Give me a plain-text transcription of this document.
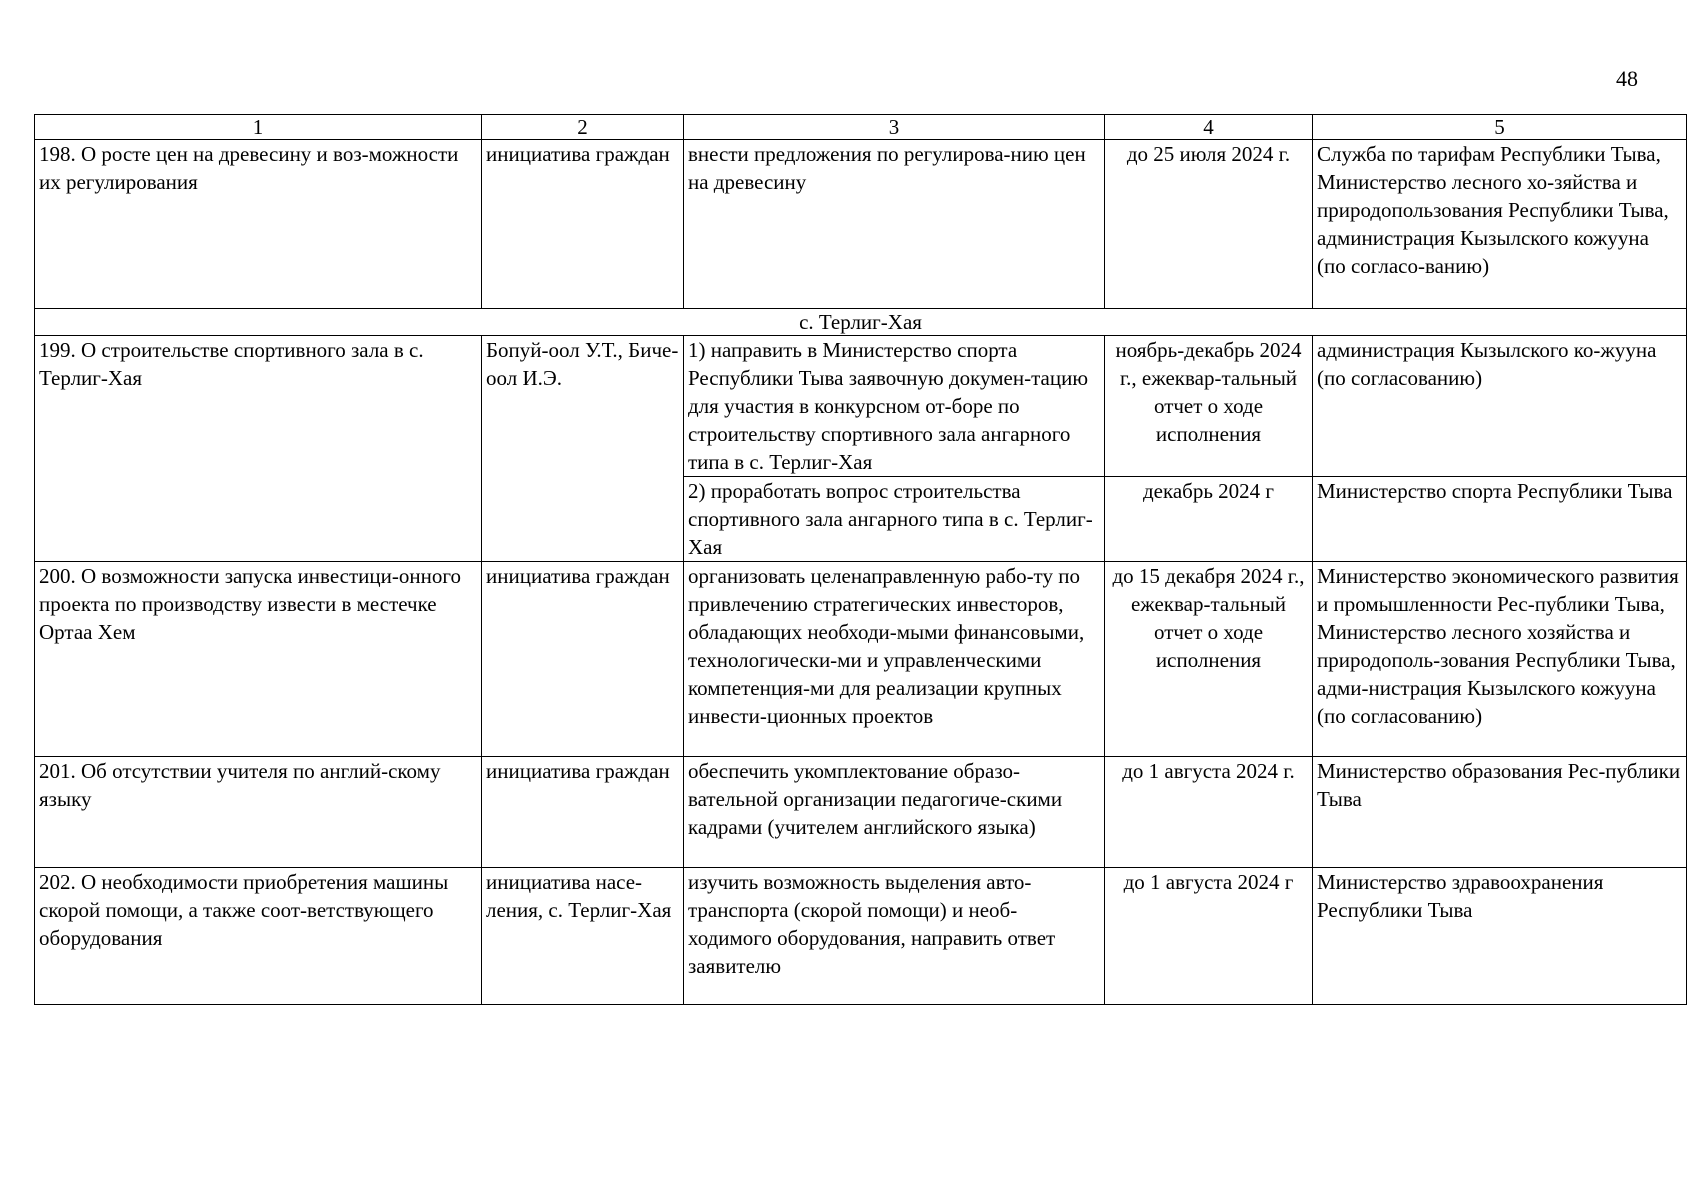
48
1	2	3	4	5
198. О росте цен на древесину и воз-можности их регулирования	инициатива граждан	внести предложения по регулирова-нию цен на древесину	до 25 июля 2024 г.	Служба по тарифам Республики Тыва, Министерство лесного хо-зяйства и природопользования Республики Тыва, администрация Кызылского кожууна (по согласо-ванию)
с. Терлиг-Хая				
199. О строительстве спортивного зала в с. Терлиг-Хая	Бопуй-оол У.Т., Биче-оол И.Э.	1) направить в Министерство спорта Республики Тыва заявочную докумен-тацию для участия в конкурсном от-боре по строительству спортивного зала ангарного типа в с. Терлиг-Хая	ноябрь-декабрь 2024 г., ежеквар-тальный отчет о ходе исполнения	администрация Кызылского ко-жууна (по согласованию)
		2) проработать вопрос строительства спортивного зала ангарного типа в с. Терлиг-Хая	декабрь 2024 г	Министерство спорта Республики Тыва
200. О возможности запуска инвестици-онного проекта по производству извести в местечке Ортаа Хем	инициатива граждан	организовать целенаправленную рабо-ту по привлечению стратегических инвесторов, обладающих необходи-мыми финансовыми, технологически-ми и управленческими компетенция-ми для реализации крупных инвести-ционных проектов	до 15 декабря 2024 г., ежеквар-тальный отчет о ходе исполнения	Министерство экономического развития и промышленности Рес-публики Тыва, Министерство лесного хозяйства и природополь-зования Республики Тыва, адми-нистрация Кызылского кожууна (по согласованию)
201. Об отсутствии учителя по англий-скому языку	инициатива граждан	обеспечить укомплектование образо-вательной организации педагогиче-скими кадрами (учителем английского языка)	до 1 августа 2024 г.	Министерство образования Рес-публики Тыва
202. О необходимости приобретения машины скорой помощи, а также соот-ветствующего оборудования	инициатива насе-ления, с. Терлиг-Хая	изучить возможность выделения авто-транспорта (скорой помощи) и необ-ходимого оборудования, направить ответ заявителю	до 1 августа 2024 г	Министерство здравоохранения Республики Тыва
